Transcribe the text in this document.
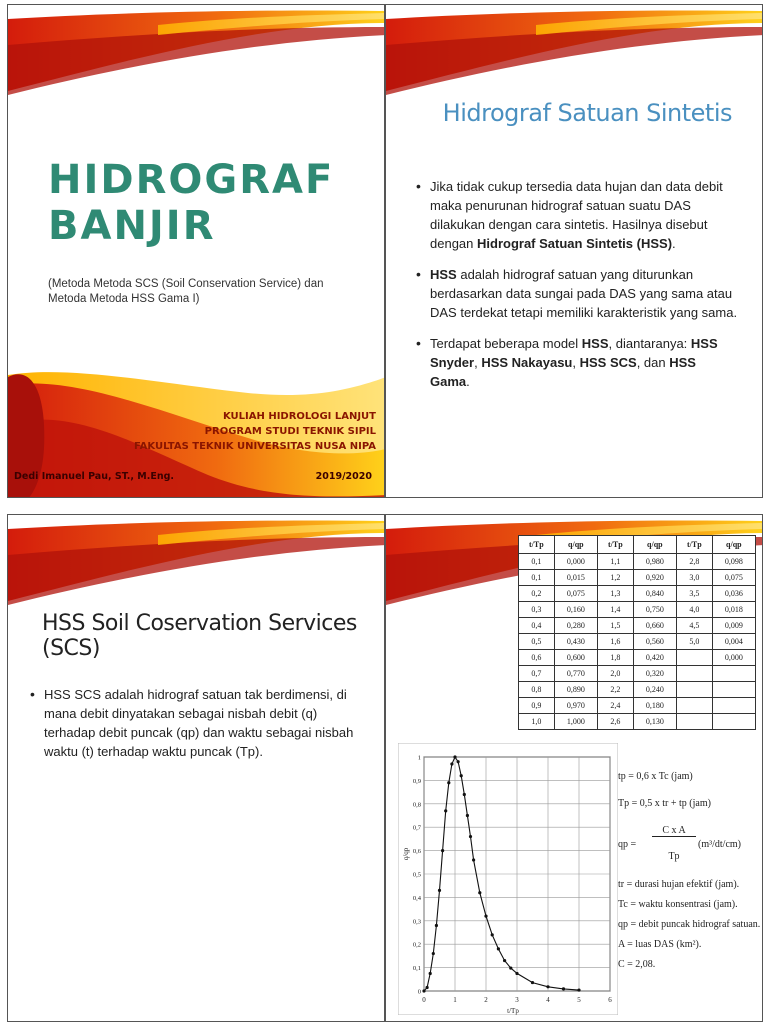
HIDROGRAF
BANJIR
(Metoda Metoda SCS (Soil Conservation Service) dan Metoda Metoda HSS Gama I)
KULIAH HIDROLOGI LANJUT
PROGRAM STUDI TEKNIK SIPIL
FAKULTAS TEKNIK UNIVERSITAS NUSA NIPA
Dedi Imanuel Pau, ST., M.Eng.	2019/2020
Hidrograf Satuan Sintetis
• Jika tidak cukup tersedia data hujan dan data debit maka penurunan hidrograf satuan suatu DAS dilakukan dengan cara sintetis. Hasilnya disebut dengan Hidrograf Satuan Sintetis (HSS).
• HSS adalah hidrograf satuan yang diturunkan berdasarkan data sungai pada DAS yang sama atau DAS terdekat tetapi memiliki karakteristik yang sama.
• Terdapat beberapa model HSS, diantaranya: HSS Snyder, HSS Nakayasu, HSS SCS, dan HSS Gama.
HSS Soil Coservation Services (SCS)
• HSS SCS adalah hidrograf satuan tak berdimensi, di mana debit dinyatakan sebagai nisbah debit (q) terhadap debit puncak (qp) dan waktu sebagai nisbah waktu (t) terhadap waktu puncak (Tp).
t/Tp	q/qp	t/Tp	q/qp	t/Tp	q/qp
0,1	0,000	1,1	0,980	2,8	0,098
0,1	0,015	1,2	0,920	3,0	0,075
0,2	0,075	1,3	0,840	3,5	0,036
0,3	0,160	1,4	0,750	4,0	0,018
0,4	0,280	1,5	0,660	4,5	0,009
0,5	0,430	1,6	0,560	5,0	0,004
0,6	0,600	1,8	0,420		0,000
0,7	0,770	2,0	0,320		
0,8	0,890	2,2	0,240		
0,9	0,970	2,4	0,180		
1,0	1,000	2,6	0,130		
0	1	2	3	4	5	6
0
0,1
0,2
0,3
0,4
0,5
0,6
0,7
0,8
0,9
1
t/Tp
q/qp
tp = 0,6 x Tc (jam)
Tp = 0,5 x tr + tp (jam)
qp =
C x A
Tp
(m³/dt/cm)
tr = durasi hujan efektif (jam).
Tc = waktu konsentrasi (jam).
qp = debit puncak hidrograf satuan.
A = luas DAS (km²).
C = 2,08.
